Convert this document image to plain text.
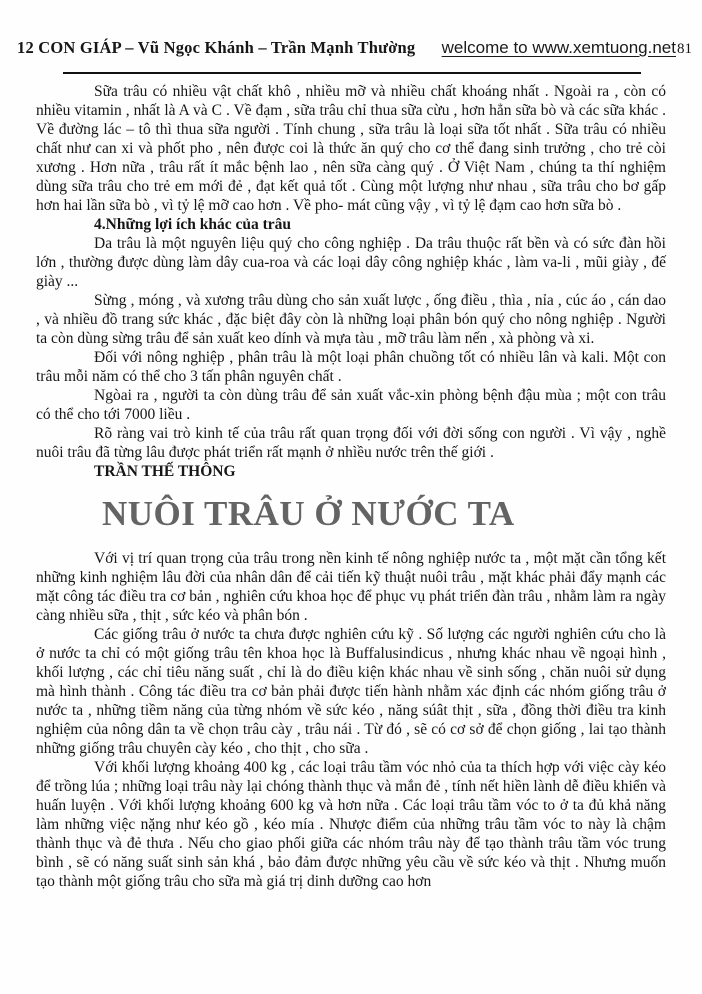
12 CON GIÁP – Vũ Ngọc Khánh – Trần Mạnh Thường welcome to www.xemtuong.net 81

Sữa trâu có nhiều vật chất khô , nhiều mỡ và nhiều chất khoáng nhất . Ngoài ra , còn có nhiều vitamin , nhất là A và C . Về đạm , sữa trâu chỉ thua sữa cừu , hơn hẳn sữa bò và các sữa khác . Về đường lác – tô thì thua sữa người . Tính chung , sữa trâu là loại sữa tốt nhất . Sữa trâu có nhiều chất như can xi và phốt pho , nên được coi là thức ăn quý cho cơ thể đang sinh trưởng , cho trẻ còi xương . Hơn nữa , trâu rất ít mắc bệnh lao , nên sữa càng quý . Ở Việt Nam , chúng ta thí nghiệm dùng sữa trâu cho trẻ em mới đẻ , đạt kết quả tốt . Cùng một lượng như nhau , sữa trâu cho bơ gấp hơn hai lần sữa bò , vì tỷ lệ mỡ cao hơn . Về pho- mát cũng vậy , vì tỷ lệ đạm cao hơn sữa bò .

4.Những lợi ích khác của trâu

Da trâu là một nguyên liệu quý cho công nghiệp . Da trâu thuộc rất bền và có sức đàn hồi lớn , thường được dùng làm dây cua-roa và các loại dây công nghiệp khác , làm va-li , mũi giày , đế giày ...

Sừng , móng , và xương trâu dùng cho sản xuất lược , ống điều , thìa , nỉa , cúc áo , cán dao , và nhiều đồ trang sức khác , đặc biệt đây còn là những loại phân bón quý cho nông nghiệp . Người ta còn dùng sừng trâu để sản xuất keo dính và mựa tàu , mỡ trâu làm nến , xà phòng và xi.

Đối với nông nghiệp , phân trâu là một loại phân chuồng tốt có nhiều lân và kali. Một con trâu mỗi năm có thể cho 3 tấn phân nguyên chất .

Ngòai ra , người ta còn dùng trâu để sản xuất vắc-xin phòng bệnh đậu mùa ; một con trâu có thể cho tới 7000 liều .

Rõ ràng vai trò kinh tế của trâu rất quan trọng đối với đời sống con người . Vì vậy , nghề nuôi trâu đã từng lâu được phát triển rất mạnh ở nhìều nước trên thế giới .

TRẦN THẾ THÔNG

NUÔI TRÂU Ở NƯỚC TA

Với vị trí quan trọng của trâu trong nền kinh tế nông nghiệp nước ta , một mặt cần tổng kết những kinh nghiệm lâu đời của nhân dân để cải tiến kỹ thuật nuôi trâu , mặt khác phải đẩy mạnh các mặt công tác điều tra cơ bản , nghiên cứu khoa học để phục vụ phát triển đàn trâu , nhằm làm ra ngày càng nhiều sữa , thịt , sức kéo và phân bón .

Các giống trâu ở nước ta chưa được nghiên cứu kỹ . Số lượng các người nghiên cứu cho là ở nước ta chỉ có một giống trâu tên khoa học là Buffalusindicus , nhưng khác nhau về ngoại hình , khối lượng , các chỉ tiêu năng suất , chỉ là do điều kiện khác nhau về sinh sống , chăn nuôi sử dụng mà hình thành . Công tác điều tra cơ bản phải được tiến hành nhằm xác định các nhóm giống trâu ở nước ta , những tiềm năng của từng nhóm về sức kéo , năng súât thịt , sữa , đồng thời điều tra kinh nghiệm của nông dân ta về chọn trâu cày , trâu nái . Từ đó , sẽ có cơ sở để chọn giống , lai tạo thành những giống trâu chuyên cày kéo , cho thịt , cho sữa .

Với khối lượng khoảng 400 kg , các loại trâu tầm vóc nhỏ của ta thích hợp với việc cày kéo để trồng lúa ; những loại trâu này lại chóng thành thục và mắn đẻ , tính nết hiền lành dễ điều khiển và huấn luyện . Với khối lượng khoảng 600 kg và hơn nữa . Các loại trâu tầm vóc to ở ta đủ khả năng làm những việc nặng như kéo gồ , kéo mía . Nhược điểm của những trâu tầm vóc to này là chậm thành thục và đẻ thưa . Nếu cho giao phối giữa các nhóm trâu này để tạo thành trâu tầm vóc trung bình , sẽ có năng suất sinh sản khá , bảo đảm được những yêu cầu về sức kéo và thịt . Nhưng muốn tạo thành một giống trâu cho sữa mà giá trị dinh dưỡng cao hơn
